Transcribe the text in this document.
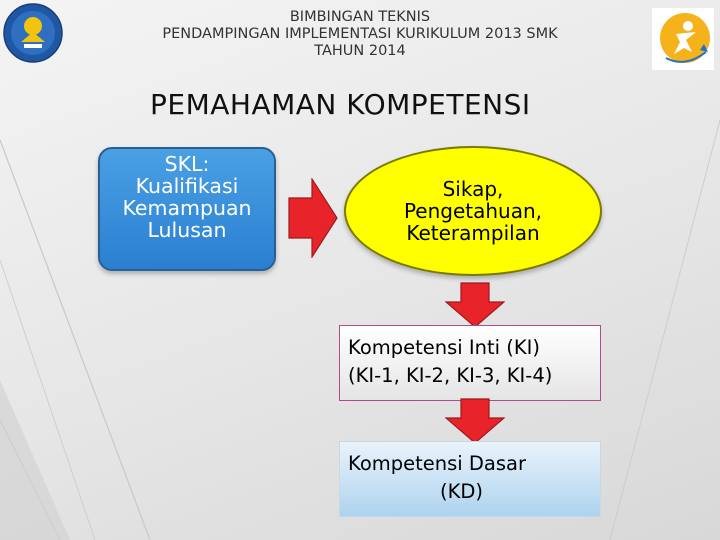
BIMBINGAN TEKNIS
PENDAMPINGAN IMPLEMENTASI KURIKULUM 2013 SMK
TAHUN 2014
PEMAHAMAN KOMPETENSI
SKL:
Kualifikasi
Kemampuan
Lulusan
Sikap,
Pengetahuan,
Keterampilan
Kompetensi Inti (KI)
(KI-1, KI-2, KI-3, KI-4)
Kompetensi Dasar
(KD)
